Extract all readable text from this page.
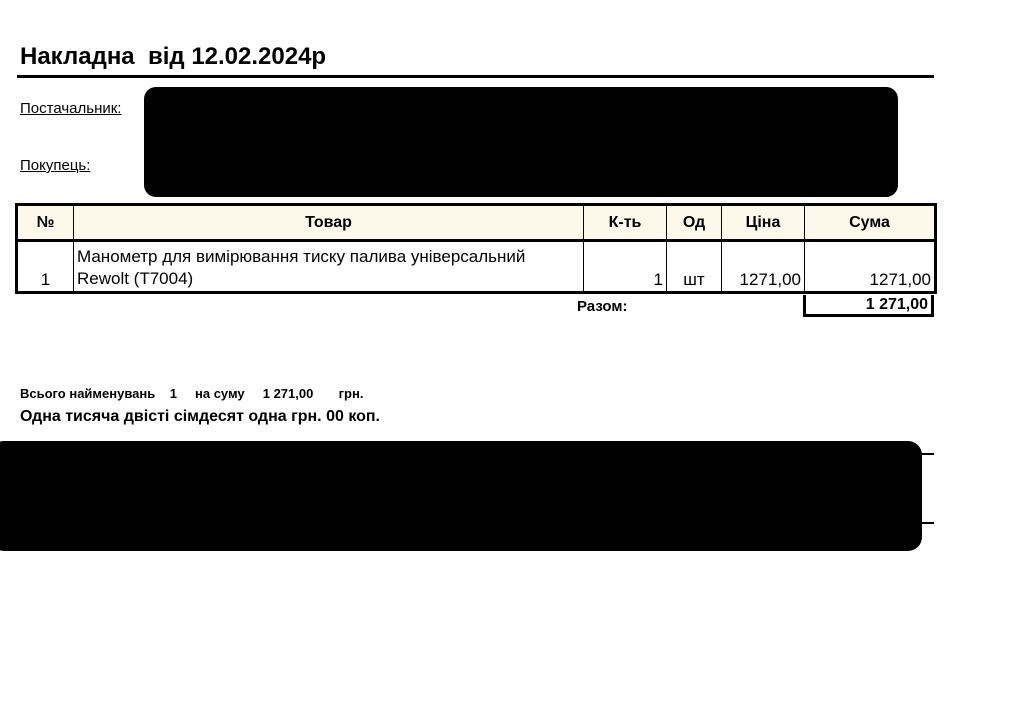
Накладна  від 12.02.2024р
Постачальник:
Покупець:
№	Товар	К-ть	Од	Ціна	Сума
1	Манометр для вимірювання тиску палива універсальний Rewolt (T7004)	1	шт	1271,00	1271,00
Разом:	1 271,00
Всього найменувань 1 на суму 1 271,00 грн.
Одна тисяча двісті сімдесят одна грн. 00 коп.
